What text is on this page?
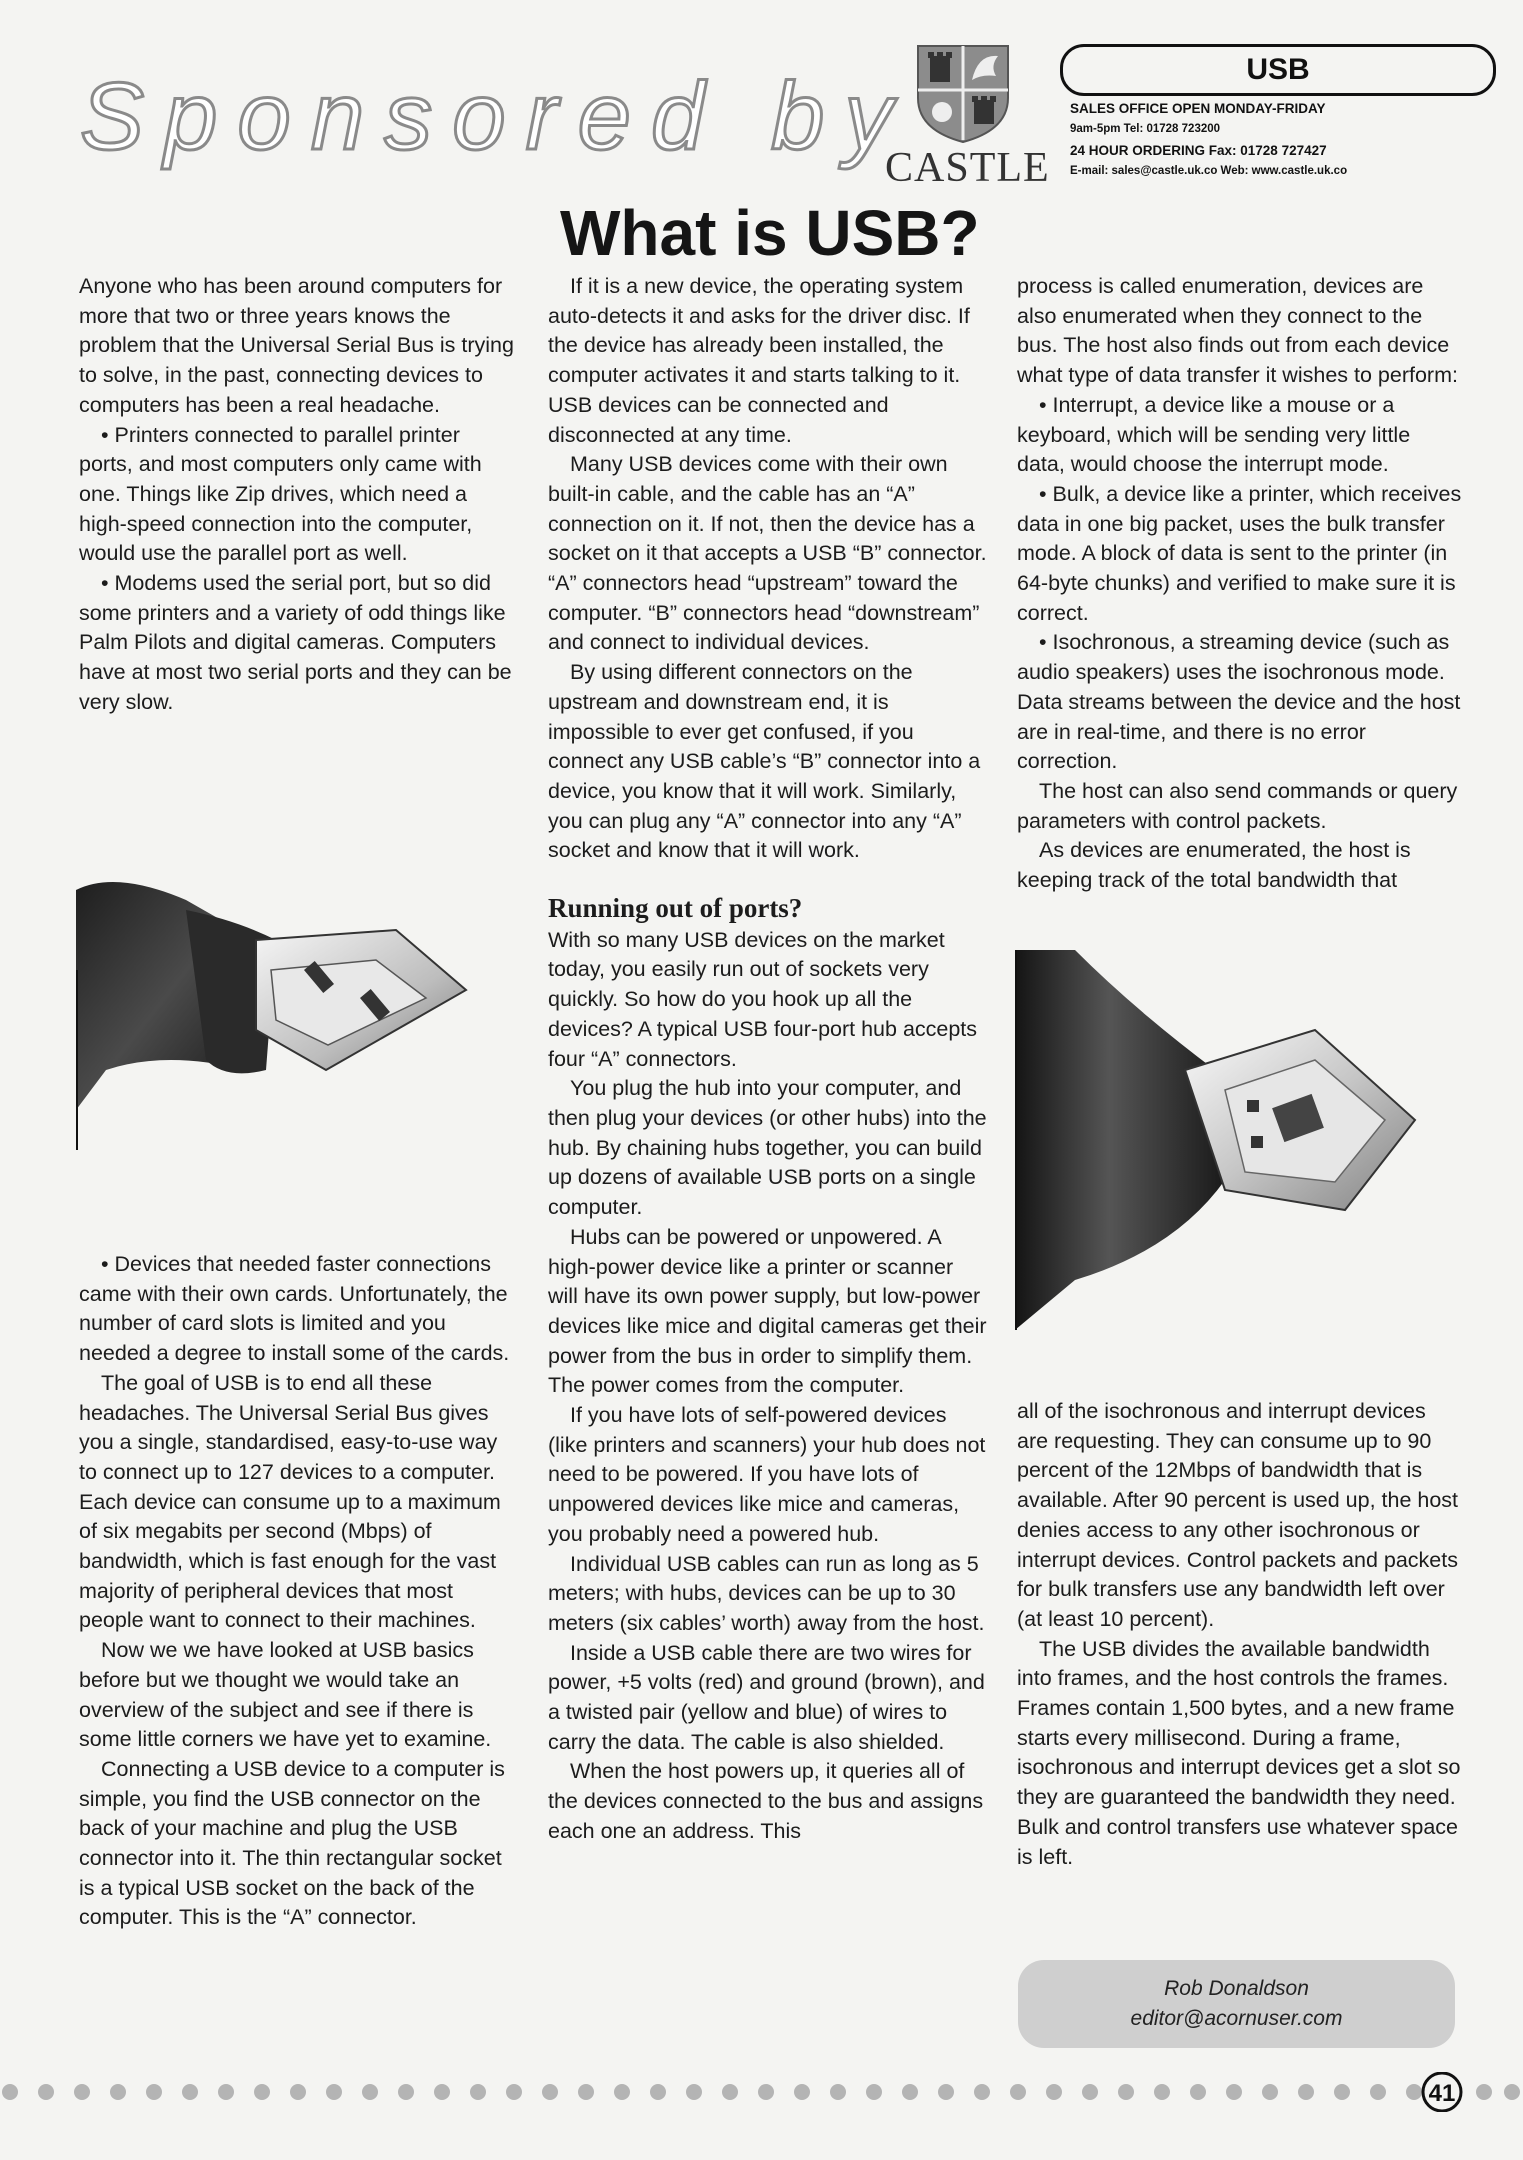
Sponsored by
CASTLE
USB
SALES OFFICE OPEN MONDAY-FRIDAY
9am-5pm Tel: 01728 723200
24 HOUR ORDERING Fax: 01728 727427
E-mail: sales@castle.uk.co Web: www.castle.uk.co
What is USB?

Anyone who has been around computers for more that two or three years knows the problem that the Universal Serial Bus is trying to solve, in the past, connecting devices to computers has been a real headache.

• Printers connected to parallel printer ports, and most computers only came with one. Things like Zip drives, which need a high-speed connection into the computer, would use the parallel port as well.

• Modems used the serial port, but so did some printers and a variety of odd things like Palm Pilots and digital cameras. Computers have at most two serial ports and they can be very slow.

• Devices that needed faster connections came with their own cards. Unfortunately, the number of card slots is limited and you needed a degree to install some of the cards.

The goal of USB is to end all these headaches. The Universal Serial Bus gives you a single, standardised, easy-to-use way to connect up to 127 devices to a computer. Each device can consume up to a maximum of six megabits per second (Mbps) of bandwidth, which is fast enough for the vast majority of peripheral devices that most people want to connect to their machines.

Now we we have looked at USB basics before but we thought we would take an overview of the subject and see if there is some little corners we have yet to examine.

Connecting a USB device to a computer is simple, you find the USB connector on the back of your machine and plug the USB connector into it. The thin rectangular socket is a typical USB socket on the back of the computer. This is the “A” connector.

If it is a new device, the operating system auto-detects it and asks for the driver disc. If the device has already been installed, the computer activates it and starts talking to it. USB devices can be connected and disconnected at any time.

Many USB devices come with their own built-in cable, and the cable has an “A” connection on it. If not, then the device has a socket on it that accepts a USB “B” connector. “A” connectors head “upstream” toward the computer. “B” connectors head “downstream” and connect to individual devices.

By using different connectors on the upstream and downstream end, it is impossible to ever get confused, if you connect any USB cable’s “B” connector into a device, you know that it will work. Similarly, you can plug any “A” connector into any “A” socket and know that it will work.

Running out of ports?

With so many USB devices on the market today, you easily run out of sockets very quickly. So how do you hook up all the devices? A typical USB four-port hub accepts four “A” connectors.

You plug the hub into your computer, and then plug your devices (or other hubs) into the hub. By chaining hubs together, you can build up dozens of available USB ports on a single computer.

Hubs can be powered or unpowered. A high-power device like a printer or scanner will have its own power supply, but low-power devices like mice and digital cameras get their power from the bus in order to simplify them. The power comes from the computer.

If you have lots of self-powered devices (like printers and scanners) your hub does not need to be powered. If you have lots of unpowered devices like mice and cameras, you probably need a powered hub.

Individual USB cables can run as long as 5 meters; with hubs, devices can be up to 30 meters (six cables’ worth) away from the host.

Inside a USB cable there are two wires for power, +5 volts (red) and ground (brown), and a twisted pair (yellow and blue) of wires to carry the data. The cable is also shielded.

When the host powers up, it queries all of the devices connected to the bus and assigns each one an address. This

process is called enumeration, devices are also enumerated when they connect to the bus. The host also finds out from each device what type of data transfer it wishes to perform:

• Interrupt, a device like a mouse or a keyboard, which will be sending very little data, would choose the interrupt mode.

• Bulk, a device like a printer, which receives data in one big packet, uses the bulk transfer mode. A block of data is sent to the printer (in 64-byte chunks) and verified to make sure it is correct.

• Isochronous, a streaming device (such as audio speakers) uses the isochronous mode. Data streams between the device and the host are in real-time, and there is no error correction.

The host can also send commands or query parameters with control packets.

As devices are enumerated, the host is keeping track of the total bandwidth that

all of the isochronous and interrupt devices are requesting. They can consume up to 90 percent of the 12Mbps of bandwidth that is available. After 90 percent is used up, the host denies access to any other isochronous or interrupt devices. Control packets and packets for bulk transfers use any bandwidth left over (at least 10 percent).

The USB divides the available bandwidth into frames, and the host controls the frames. Frames contain 1,500 bytes, and a new frame starts every millisecond. During a frame, isochronous and interrupt devices get a slot so they are guaranteed the bandwidth they need. Bulk and control transfers use whatever space is left.

Rob Donaldson
editor@acornuser.com
41
